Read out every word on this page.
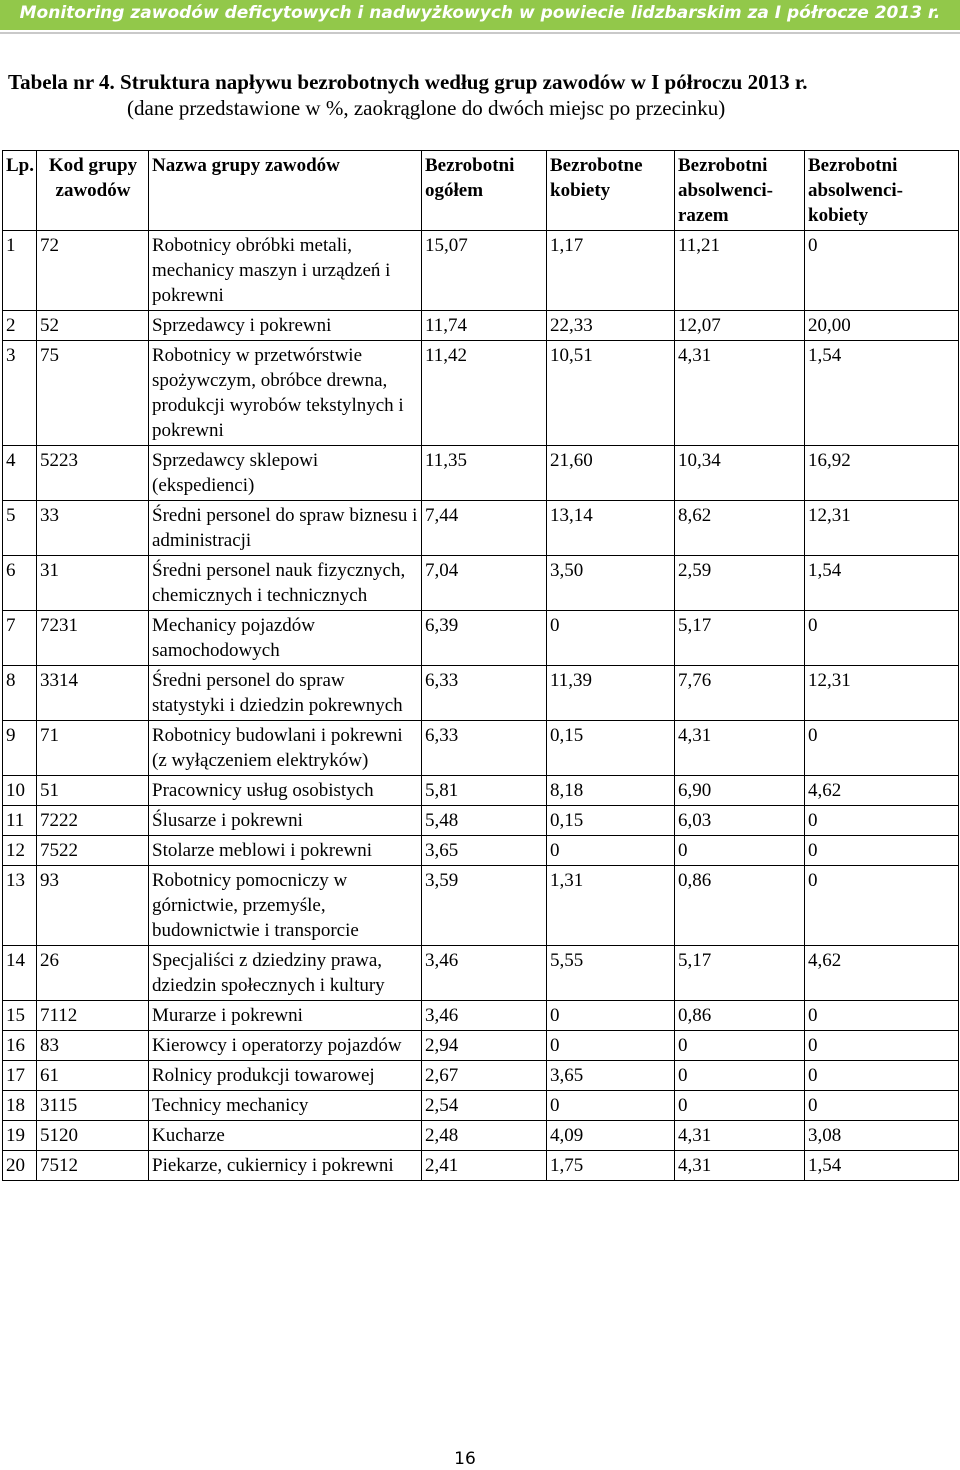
Monitoring zawodów deficytowych i nadwyżkowych w powiecie lidzbarskim za I półrocze 2013 r.
Tabela nr 4. Struktura napływu bezrobotnych według grup zawodów w I półroczu 2013 r.
(dane przedstawione w %, zaokrąglone do dwóch miejsc po przecinku)
Lp.	Kod grupy zawodów	Nazwa grupy zawodów	Bezrobotni ogółem	Bezrobotne kobiety	Bezrobotni absolwenci-razem	Bezrobotni absolwenci-kobiety
1	72	Robotnicy obróbki metali, mechanicy maszyn i urządzeń i pokrewni	15,07	1,17	11,21	0
2	52	Sprzedawcy i pokrewni	11,74	22,33	12,07	20,00
3	75	Robotnicy w przetwórstwie spożywczym, obróbce drewna, produkcji wyrobów tekstylnych i pokrewni	11,42	10,51	4,31	1,54
4	5223	Sprzedawcy sklepowi (ekspedienci)	11,35	21,60	10,34	16,92
5	33	Średni personel do spraw biznesu i administracji	7,44	13,14	8,62	12,31
6	31	Średni personel nauk fizycznych, chemicznych i technicznych	7,04	3,50	2,59	1,54
7	7231	Mechanicy pojazdów samochodowych	6,39	0	5,17	0
8	3314	Średni personel do spraw statystyki i dziedzin pokrewnych	6,33	11,39	7,76	12,31
9	71	Robotnicy budowlani i pokrewni (z wyłączeniem elektryków)	6,33	0,15	4,31	0
10	51	Pracownicy usług osobistych	5,81	8,18	6,90	4,62
11	7222	Ślusarze i pokrewni	5,48	0,15	6,03	0
12	7522	Stolarze meblowi i pokrewni	3,65	0	0	0
13	93	Robotnicy pomocniczy w górnictwie, przemyśle, budownictwie i transporcie	3,59	1,31	0,86	0
14	26	Specjaliści z dziedziny prawa, dziedzin społecznych i kultury	3,46	5,55	5,17	4,62
15	7112	Murarze i pokrewni	3,46	0	0,86	0
16	83	Kierowcy i operatorzy pojazdów	2,94	0	0	0
17	61	Rolnicy produkcji towarowej	2,67	3,65	0	0
18	3115	Technicy mechanicy	2,54	0	0	0
19	5120	Kucharze	2,48	4,09	4,31	3,08
20	7512	Piekarze, cukiernicy i pokrewni	2,41	1,75	4,31	1,54
16
